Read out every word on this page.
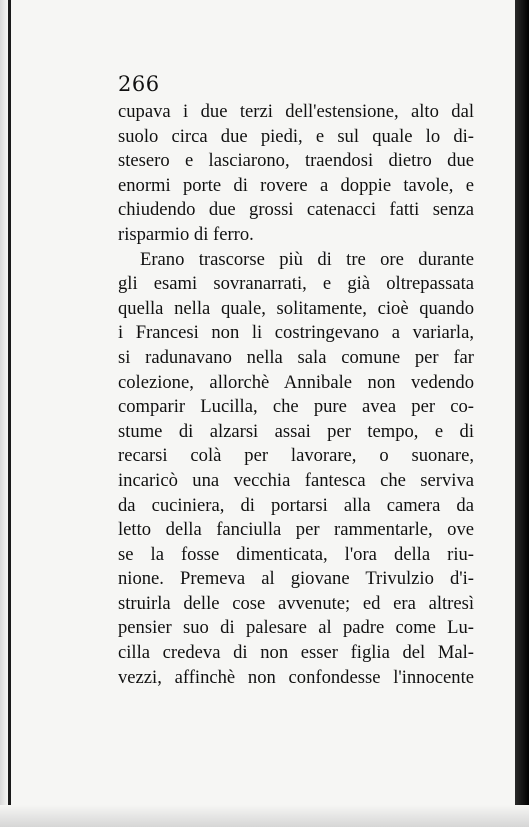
266
cupava i due terzi dell'estensione, alto dal
suolo circa due piedi, e sul quale lo di-
stesero e lasciarono, traendosi dietro due
enormi porte di rovere a doppie tavole, e
chiudendo due grossi catenacci fatti senza
risparmio di ferro.
Erano trascorse più di tre ore durante
gli esami sovranarrati, e già oltrepassata
quella nella quale, solitamente, cioè quando
i Francesi non li costringevano a variarla,
si radunavano nella sala comune per far
colezione, allorchè Annibale non vedendo
comparir Lucilla, che pure avea per co-
stume di alzarsi assai per tempo, e di
recarsi colà per lavorare, o suonare,
incaricò una vecchia fantesca che serviva
da cuciniera, di portarsi alla camera da
letto della fanciulla per rammentarle, ove
se la fosse dimenticata, l'ora della riu-
nione. Premeva al giovane Trivulzio d'i-
struirla delle cose avvenute; ed era altresì
pensier suo di palesare al padre come Lu-
cilla credeva di non esser figlia del Mal-
vezzi, affinchè non confondesse l'innocente
